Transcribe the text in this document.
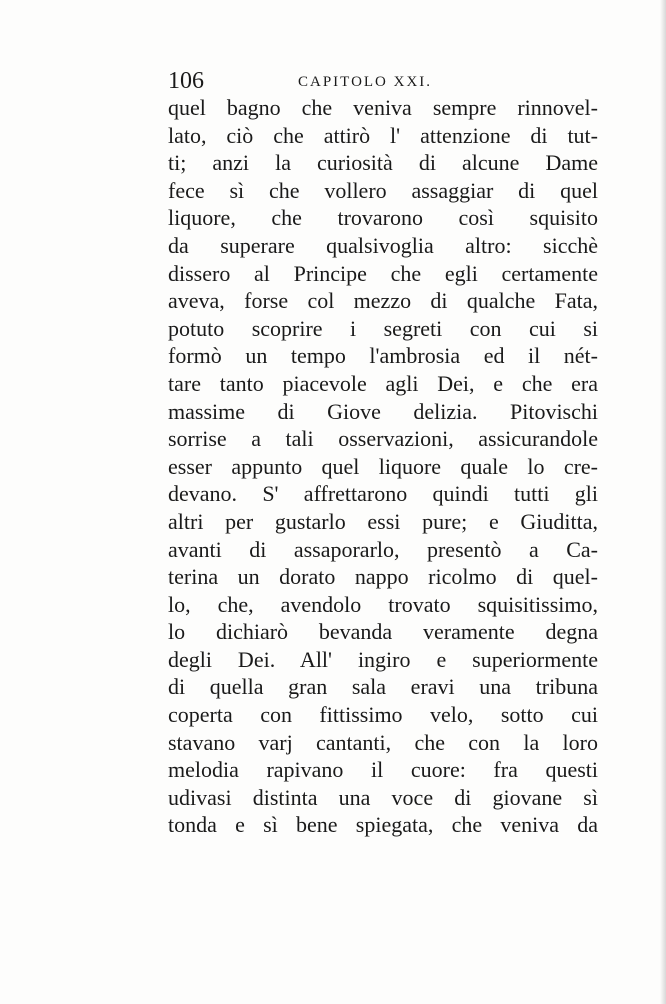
106	CAPITOLO XXI.
quel bagno che veniva sempre rinnovel-
lato, ciò che attirò l' attenzione di tut-
ti; anzi la curiosità di alcune Dame
fece sì che vollero assaggiar di quel
liquore, che trovarono così squisito
da superare qualsivoglia altro: sicchè
dissero al Principe che egli certamente
aveva, forse col mezzo di qualche Fata,
potuto scoprire i segreti con cui si
formò un tempo l'ambrosia ed il nét-
tare tanto piacevole agli Dei, e che era
massime di Giove delizia. Pitovischi
sorrise a tali osservazioni, assicurandole
esser appunto quel liquore quale lo cre-
devano. S' affrettarono quindi tutti gli
altri per gustarlo essi pure; e Giuditta,
avanti di assaporarlo, presentò a Ca-
terina un dorato nappo ricolmo di quel-
lo, che, avendolo trovato squisitissimo,
lo dichiarò bevanda veramente degna
degli Dei. All' ingiro e superiormente
di quella gran sala eravi una tribuna
coperta con fittissimo velo, sotto cui
stavano varj cantanti, che con la loro
melodia rapivano il cuore: fra questi
udivasi distinta una voce di giovane sì
tonda e sì bene spiegata, che veniva da
